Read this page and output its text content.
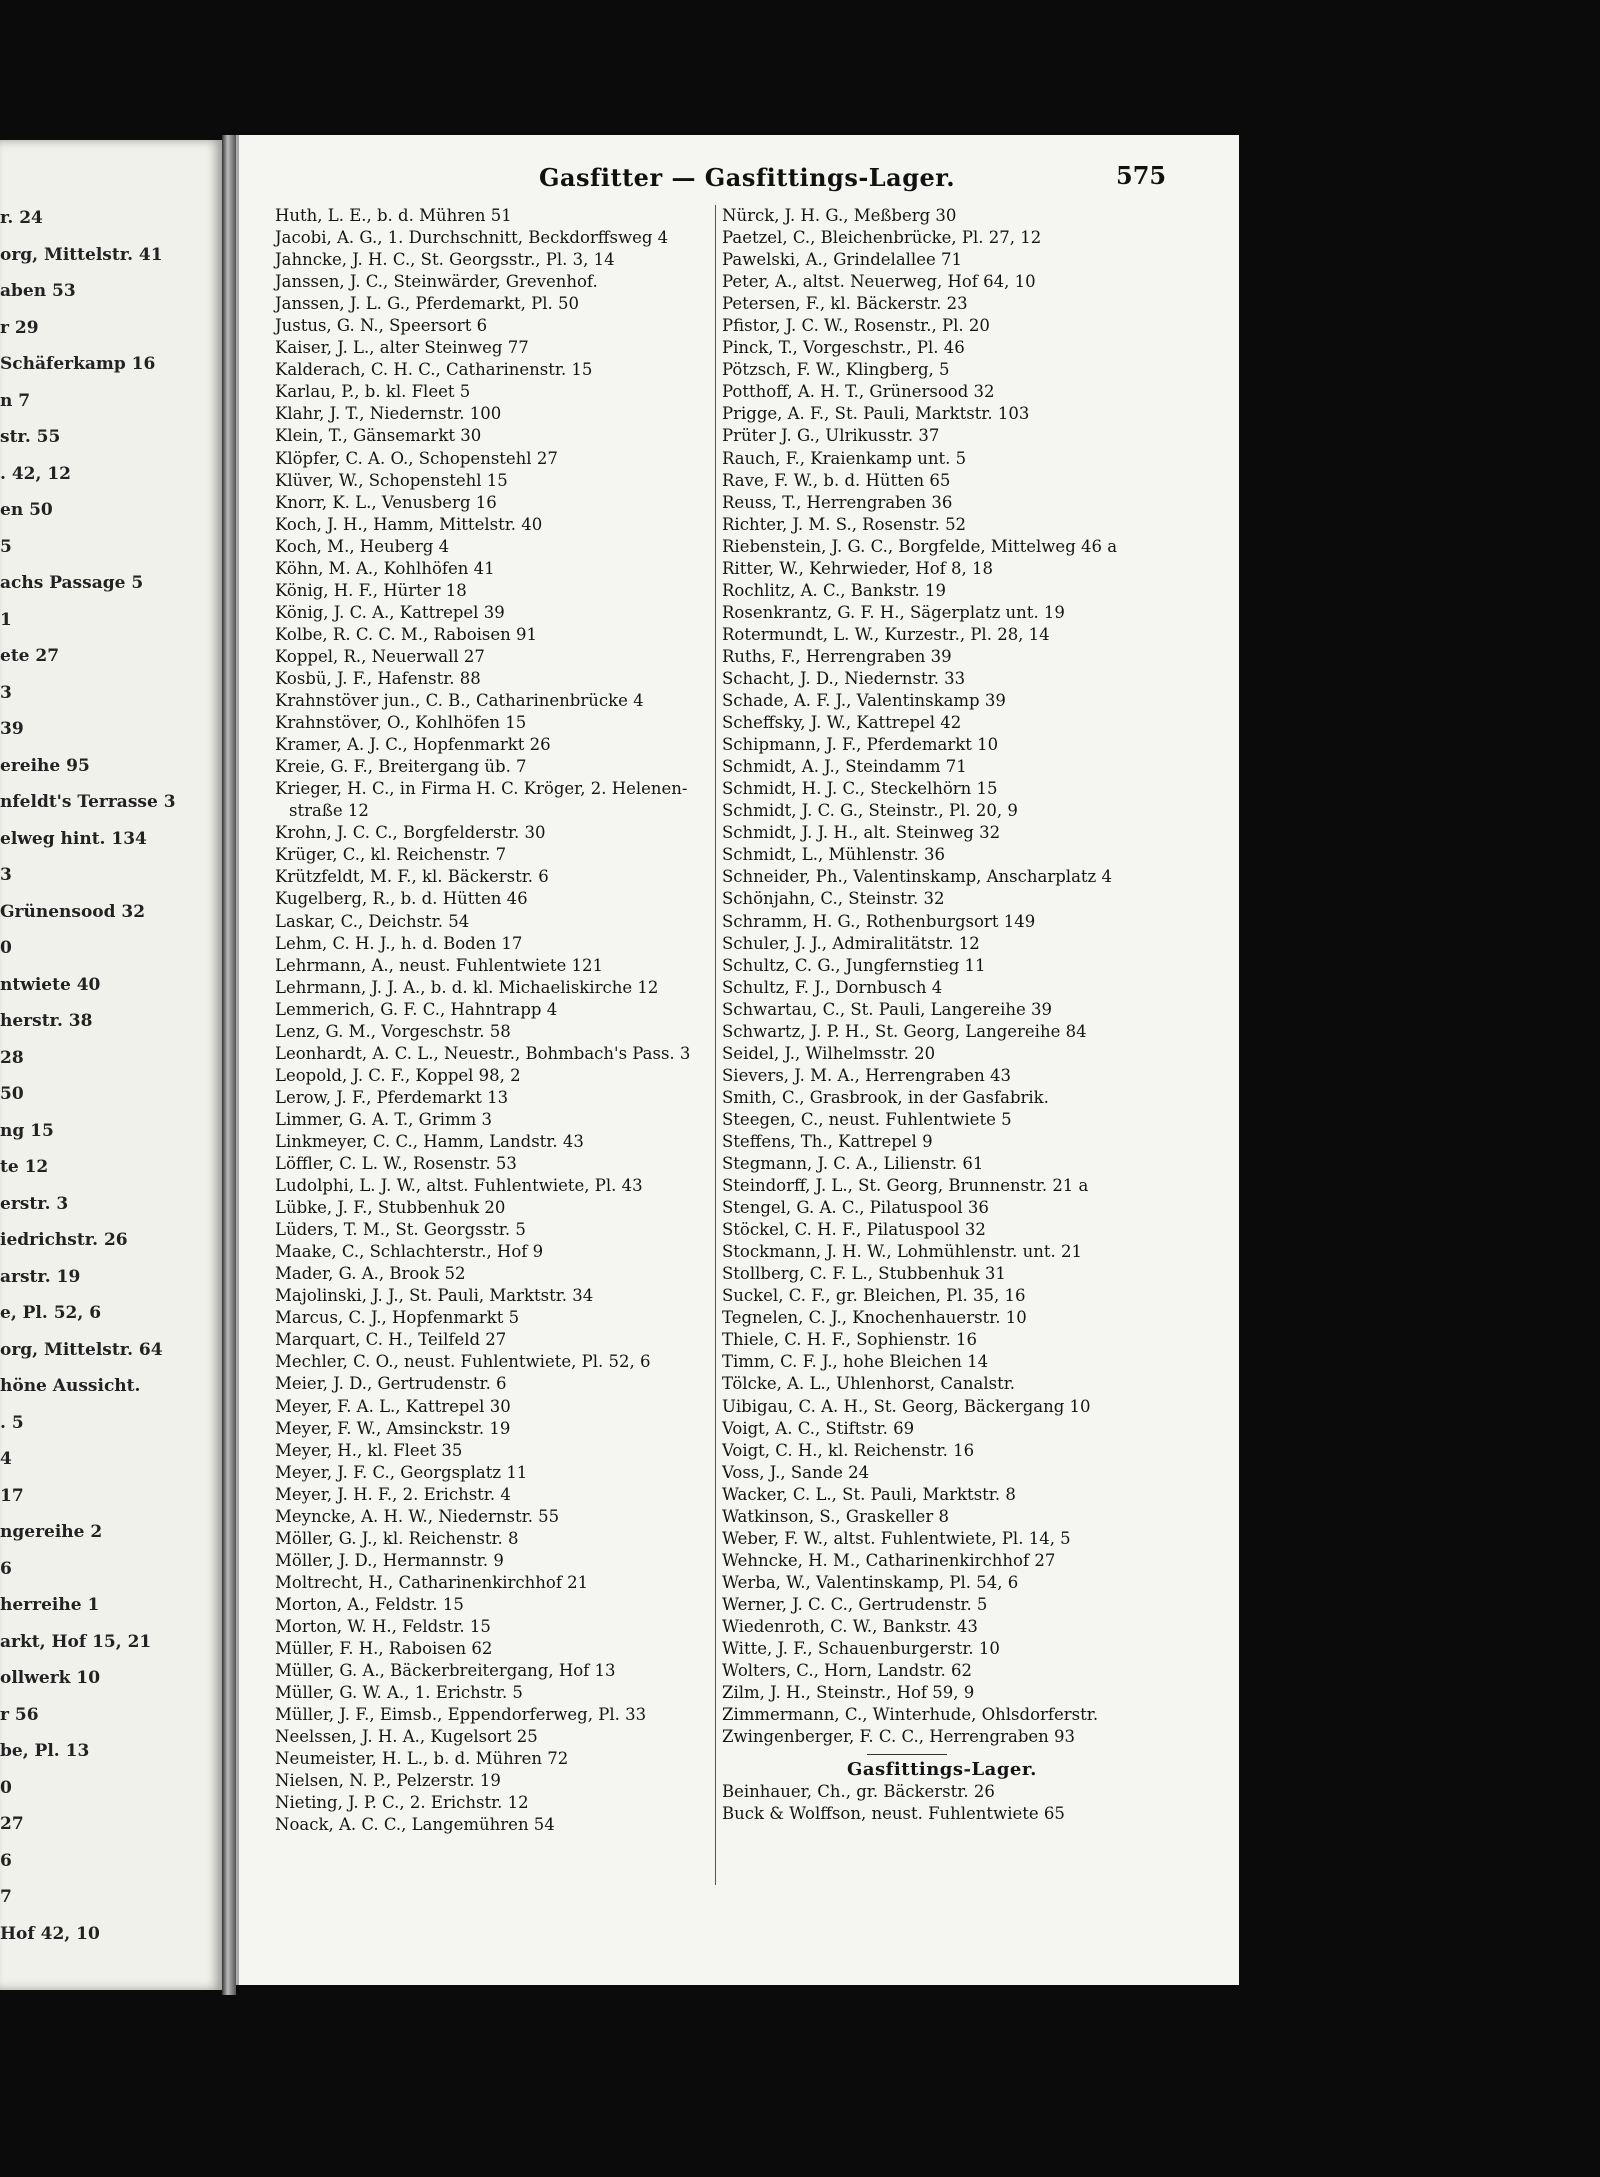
r. 24
org, Mittelstr. 41
aben 53
r 29
Schäferkamp 16
n 7
str. 55
. 42, 12
en 50
5
achs Passage 5
1
ete 27
3
39
ereihe 95
nfeldt's Terrasse 3
elweg hint. 134
3
Grünensood 32
0
ntwiete 40
herstr. 38
28
50
ng 15
te 12
erstr. 3
iedrichstr. 26
arstr. 19
e, Pl. 52, 6
org, Mittelstr. 64
höne Aussicht.
. 5
4
17
ngereihe 2
6
herreihe 1
arkt, Hof 15, 21
ollwerk 10
r 56
be, Pl. 13
0
27
6
7
Hof 42, 10
Gasfitter — Gasfittings-Lager.	575
Huth, L. E., b. d. Mühren 51
Jacobi, A. G., 1. Durchschnitt, Beckdorffsweg 4
Jahncke, J. H. C., St. Georgsstr., Pl. 3, 14
Janssen, J. C., Steinwärder, Grevenhof.
Janssen, J. L. G., Pferdemarkt, Pl. 50
Justus, G. N., Speersort 6
Kaiser, J. L., alter Steinweg 77
Kalderach, C. H. C., Catharinenstr. 15
Karlau, P., b. kl. Fleet 5
Klahr, J. T., Niedernstr. 100
Klein, T., Gänsemarkt 30
Klöpfer, C. A. O., Schopenstehl 27
Klüver, W., Schopenstehl 15
Knorr, K. L., Venusberg 16
Koch, J. H., Hamm, Mittelstr. 40
Koch, M., Heuberg 4
Köhn, M. A., Kohlhöfen 41
König, H. F., Hürter 18
König, J. C. A., Kattrepel 39
Kolbe, R. C. C. M., Raboisen 91
Koppel, R., Neuerwall 27
Kosbü, J. F., Hafenstr. 88
Krahnstöver jun., C. B., Catharinenbrücke 4
Krahnstöver, O., Kohlhöfen 15
Kramer, A. J. C., Hopfenmarkt 26
Kreie, G. F., Breitergang üb. 7
Krieger, H. C., in Firma H. C. Kröger, 2. Helenen-
straße 12
Krohn, J. C. C., Borgfelderstr. 30
Krüger, C., kl. Reichenstr. 7
Krützfeldt, M. F., kl. Bäckerstr. 6
Kugelberg, R., b. d. Hütten 46
Laskar, C., Deichstr. 54
Lehm, C. H. J., h. d. Boden 17
Lehrmann, A., neust. Fuhlentwiete 121
Lehrmann, J. J. A., b. d. kl. Michaeliskirche 12
Lemmerich, G. F. C., Hahntrapp 4
Lenz, G. M., Vorgeschstr. 58
Leonhardt, A. C. L., Neuestr., Bohmbach's Pass. 3
Leopold, J. C. F., Koppel 98, 2
Lerow, J. F., Pferdemarkt 13
Limmer, G. A. T., Grimm 3
Linkmeyer, C. C., Hamm, Landstr. 43
Löffler, C. L. W., Rosenstr. 53
Ludolphi, L. J. W., altst. Fuhlentwiete, Pl. 43
Lübke, J. F., Stubbenhuk 20
Lüders, T. M., St. Georgsstr. 5
Maake, C., Schlachterstr., Hof 9
Mader, G. A., Brook 52
Majolinski, J. J., St. Pauli, Marktstr. 34
Marcus, C. J., Hopfenmarkt 5
Marquart, C. H., Teilfeld 27
Mechler, C. O., neust. Fuhlentwiete, Pl. 52, 6
Meier, J. D., Gertrudenstr. 6
Meyer, F. A. L., Kattrepel 30
Meyer, F. W., Amsinckstr. 19
Meyer, H., kl. Fleet 35
Meyer, J. F. C., Georgsplatz 11
Meyer, J. H. F., 2. Erichstr. 4
Meyncke, A. H. W., Niedernstr. 55
Möller, G. J., kl. Reichenstr. 8
Möller, J. D., Hermannstr. 9
Moltrecht, H., Catharinenkirchhof 21
Morton, A., Feldstr. 15
Morton, W. H., Feldstr. 15
Müller, F. H., Raboisen 62
Müller, G. A., Bäckerbreitergang, Hof 13
Müller, G. W. A., 1. Erichstr. 5
Müller, J. F., Eimsb., Eppendorferweg, Pl. 33
Neelssen, J. H. A., Kugelsort 25
Neumeister, H. L., b. d. Mühren 72
Nielsen, N. P., Pelzerstr. 19
Nieting, J. P. C., 2. Erichstr. 12
Noack, A. C. C., Langemühren 54
Nürck, J. H. G., Meßberg 30
Paetzel, C., Bleichenbrücke, Pl. 27, 12
Pawelski, A., Grindelallee 71
Peter, A., altst. Neuerweg, Hof 64, 10
Petersen, F., kl. Bäckerstr. 23
Pfistor, J. C. W., Rosenstr., Pl. 20
Pinck, T., Vorgeschstr., Pl. 46
Pötzsch, F. W., Klingberg, 5
Potthoff, A. H. T., Grünersood 32
Prigge, A. F., St. Pauli, Marktstr. 103
Prüter J. G., Ulrikusstr. 37
Rauch, F., Kraienkamp unt. 5
Rave, F. W., b. d. Hütten 65
Reuss, T., Herrengraben 36
Richter, J. M. S., Rosenstr. 52
Riebenstein, J. G. C., Borgfelde, Mittelweg 46 a
Ritter, W., Kehrwieder, Hof 8, 18
Rochlitz, A. C., Bankstr. 19
Rosenkrantz, G. F. H., Sägerplatz unt. 19
Rotermundt, L. W., Kurzestr., Pl. 28, 14
Ruths, F., Herrengraben 39
Schacht, J. D., Niedernstr. 33
Schade, A. F. J., Valentinskamp 39
Scheffsky, J. W., Kattrepel 42
Schipmann, J. F., Pferdemarkt 10
Schmidt, A. J., Steindamm 71
Schmidt, H. J. C., Steckelhörn 15
Schmidt, J. C. G., Steinstr., Pl. 20, 9
Schmidt, J. J. H., alt. Steinweg 32
Schmidt, L., Mühlenstr. 36
Schneider, Ph., Valentinskamp, Anscharplatz 4
Schönjahn, C., Steinstr. 32
Schramm, H. G., Rothenburgsort 149
Schuler, J. J., Admiralitätstr. 12
Schultz, C. G., Jungfernstieg 11
Schultz, F. J., Dornbusch 4
Schwartau, C., St. Pauli, Langereihe 39
Schwartz, J. P. H., St. Georg, Langereihe 84
Seidel, J., Wilhelmsstr. 20
Sievers, J. M. A., Herrengraben 43
Smith, C., Grasbrook, in der Gasfabrik.
Steegen, C., neust. Fuhlentwiete 5
Steffens, Th., Kattrepel 9
Stegmann, J. C. A., Lilienstr. 61
Steindorff, J. L., St. Georg, Brunnenstr. 21 a
Stengel, G. A. C., Pilatuspool 36
Stöckel, C. H. F., Pilatuspool 32
Stockmann, J. H. W., Lohmühlenstr. unt. 21
Stollberg, C. F. L., Stubbenhuk 31
Suckel, C. F., gr. Bleichen, Pl. 35, 16
Tegnelen, C. J., Knochenhauerstr. 10
Thiele, C. H. F., Sophienstr. 16
Timm, C. F. J., hohe Bleichen 14
Tölcke, A. L., Uhlenhorst, Canalstr.
Uibigau, C. A. H., St. Georg, Bäckergang 10
Voigt, A. C., Stiftstr. 69
Voigt, C. H., kl. Reichenstr. 16
Voss, J., Sande 24
Wacker, C. L., St. Pauli, Marktstr. 8
Watkinson, S., Graskeller 8
Weber, F. W., altst. Fuhlentwiete, Pl. 14, 5
Wehncke, H. M., Catharinenkirchhof 27
Werba, W., Valentinskamp, Pl. 54, 6
Werner, J. C. C., Gertrudenstr. 5
Wiedenroth, C. W., Bankstr. 43
Witte, J. F., Schauenburgerstr. 10
Wolters, C., Horn, Landstr. 62
Zilm, J. H., Steinstr., Hof 59, 9
Zimmermann, C., Winterhude, Ohlsdorferstr.
Zwingenberger, F. C. C., Herrengraben 93
Gasfittings-Lager.
Beinhauer, Ch., gr. Bäckerstr. 26
Buck & Wolffson, neust. Fuhlentwiete 65
